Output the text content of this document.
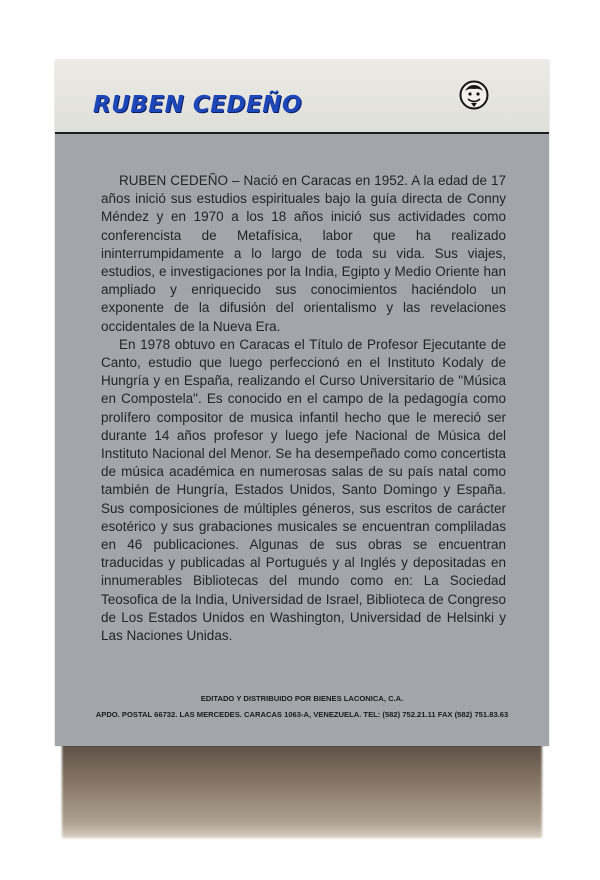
RUBEN CEDEÑO

RUBEN CEDEÑO – Nació en Caracas en 1952. A la edad de 17 años inició sus estudios espirituales bajo la guía directa de Conny Méndez y en 1970 a los 18 años inició sus actividades como conferencista de Metafísica, labor que ha realizado ininterrumpidamente a lo largo de toda su vida. Sus viajes, estudios, e investigaciones por la India, Egipto y Medio Oriente han ampliado y enriquecido sus conocimientos haciéndolo un exponente de la difusión del orientalismo y las revelaciones occidentales de la Nueva Era.

En 1978 obtuvo en Caracas el Título de Profesor Ejecutante de Canto, estudio que luego perfeccionó en el Instituto Kodaly de Hungría y en España, realizando el Curso Universitario de "Música en Compostela". Es conocido en el campo de la pedagogía como prolífero compositor de musica infantil hecho que le mereció ser durante 14 años profesor y luego jefe Nacional de Música del Instituto Nacional del Menor. Se ha desempeñado como concertista de música académica en numerosas salas de su país natal como también de Hungría, Estados Unidos, Santo Domingo y España. Sus composiciones de múltiples géneros, sus escritos de carácter esotérico y sus grabaciones musicales se encuentran compliladas en 46 publicaciones. Algunas de sus obras se encuentran traducidas y publicadas al Portugués y al Inglés y depositadas en innumerables Bibliotecas del mundo como en: La Sociedad Teosofica de la India, Universidad de Israel, Biblioteca de Congreso de Los Estados Unidos en Washington, Universidad de Helsinki y Las Naciones Unidas.

EDITADO Y DISTRIBUIDO POR BIENES LACONICA, C.A.
APDO. POSTAL 66732. LAS MERCEDES. CARACAS 1063-A, VENEZUELA. TEL: (582) 752.21.11 FAX (582) 751.83.63
